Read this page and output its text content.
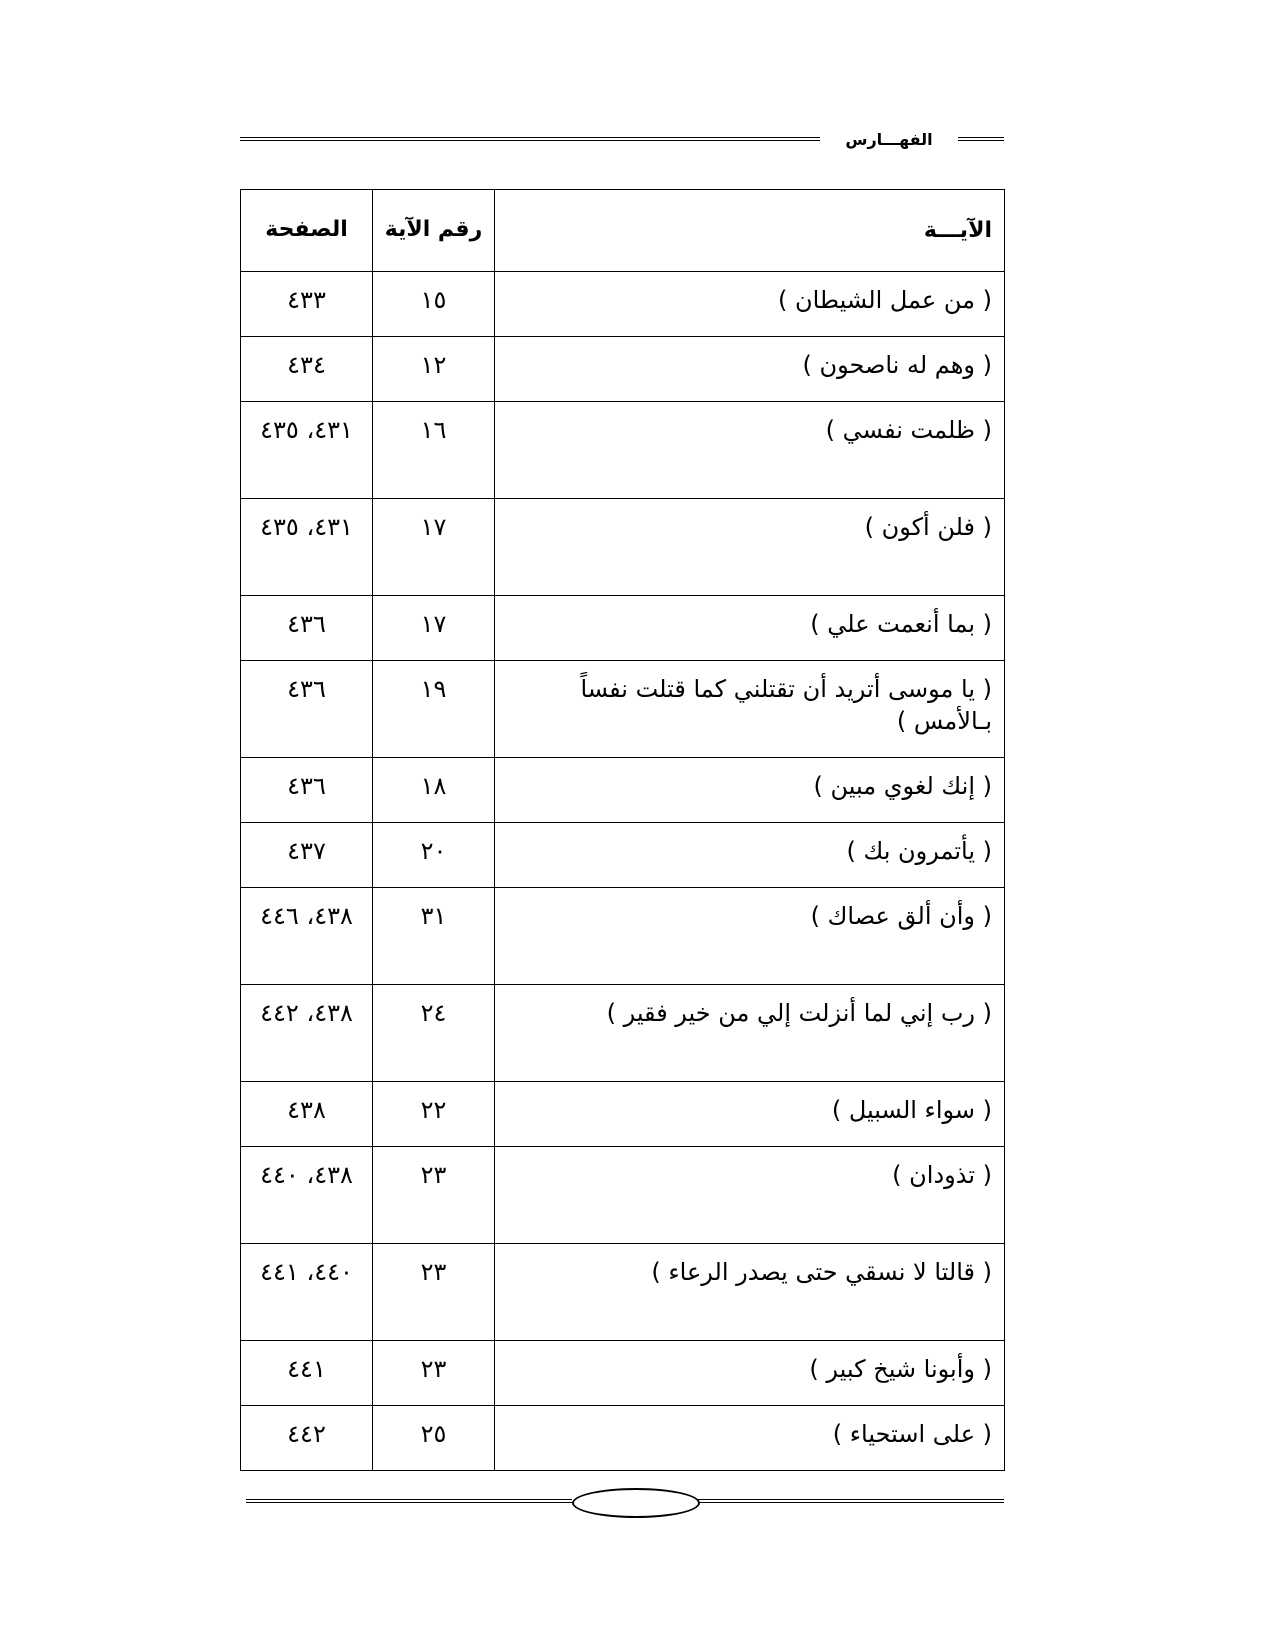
الفهـــارس
الآيـــة	رقم الآية	الصفحة
( من عمل الشيطان )	١٥	٤٣٣
( وهم له ناصحون )	١٢	٤٣٤
( ظلمت نفسي )	١٦	٤٣١، ٤٣٥
( فلن أكون )	١٧	٤٣١، ٤٣٥
( بما أنعمت علي )	١٧	٤٣٦
( يا موسى أتريد أن تقتلني كما قتلت نفساً بـالأمس )	١٩	٤٣٦
( إنك لغوي مبين )	١٨	٤٣٦
( يأتمرون بك )	٢٠	٤٣٧
( وأن ألق عصاك )	٣١	٤٣٨، ٤٤٦
( رب إني لما أنزلت إلي من خير فقير )	٢٤	٤٣٨، ٤٤٢
( سواء السبيل )	٢٢	٤٣٨
( تذودان )	٢٣	٤٣٨، ٤٤٠
( قالتا لا نسقي حتى يصدر الرعاء )	٢٣	٤٤٠، ٤٤١
( وأبونا شيخ كبير )	٢٣	٤٤١
( على استحياء )	٢٥	٤٤٢
